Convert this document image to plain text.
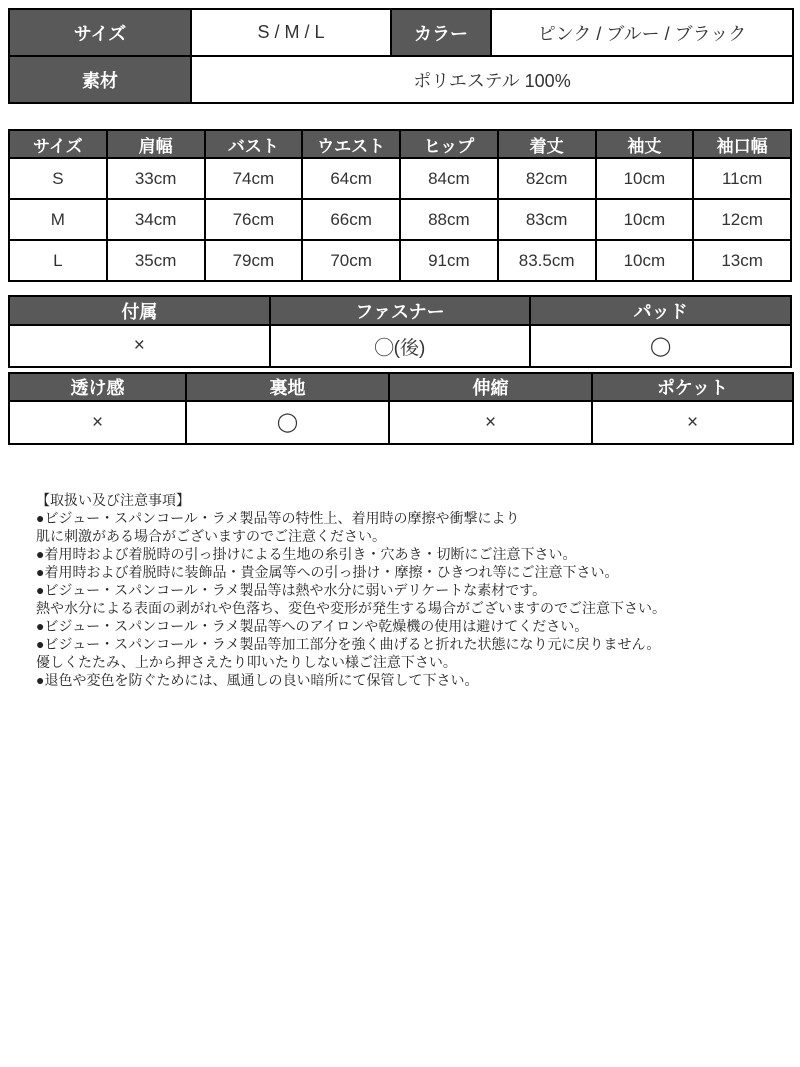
サイズ	S / M / L	カラー	ピンク / ブルー / ブラック
素材	ポリエステル 100%		
サイズ	肩幅	バスト	ウエスト	ヒップ	着丈	袖丈	袖口幅
S	33cm	74cm	64cm	84cm	82cm	10cm	11cm
M	34cm	76cm	66cm	88cm	83cm	10cm	12cm
L	35cm	79cm	70cm	91cm	83.5cm	10cm	13cm
付属	ファスナー	パッド
×	◯(後)	◯
透け感	裏地	伸縮	ポケット
×	◯	×	×
【取扱い及び注意事項】
●ビジュー・スパンコール・ラメ製品等の特性上、着用時の摩擦や衝撃により
肌に刺激がある場合がございますのでご注意ください。
●着用時および着脱時の引っ掛けによる生地の糸引き・穴あき・切断にご注意下さい。
●着用時および着脱時に装飾品・貴金属等への引っ掛け・摩擦・ひきつれ等にご注意下さい。
●ビジュー・スパンコール・ラメ製品等は熱や水分に弱いデリケートな素材です。
熱や水分による表面の剥がれや色落ち、変色や変形が発生する場合がございますのでご注意下さい。
●ビジュー・スパンコール・ラメ製品等へのアイロンや乾燥機の使用は避けてください。
●ビジュー・スパンコール・ラメ製品等加工部分を強く曲げると折れた状態になり元に戻りません。
優しくたたみ、上から押さえたり叩いたりしない様ご注意下さい。
●退色や変色を防ぐためには、風通しの良い暗所にて保管して下さい。
